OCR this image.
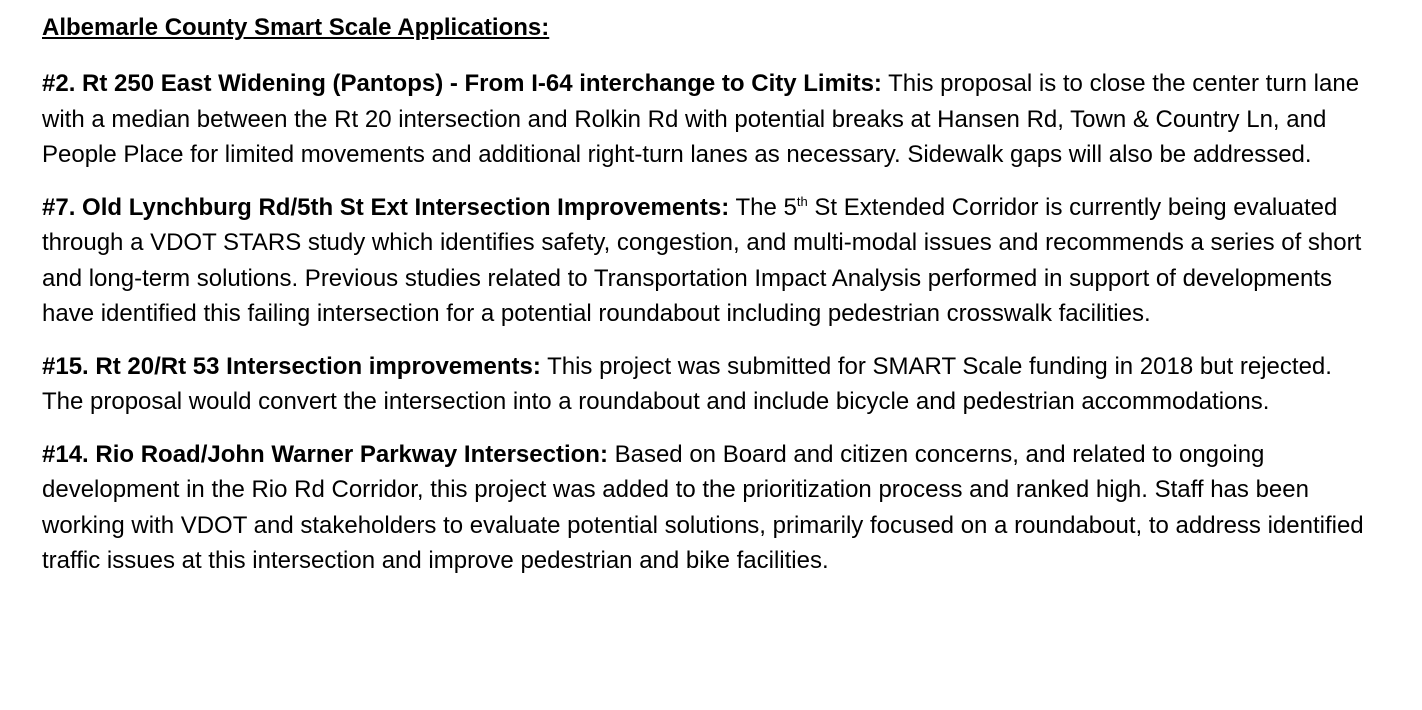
Albemarle County Smart Scale Applications:

#2. Rt 250 East Widening (Pantops) - From I-64 interchange to City Limits: This proposal is to close the center turn lane with a median between the Rt 20 intersection and Rolkin Rd with potential breaks at Hansen Rd, Town & Country Ln, and People Place for limited movements and additional right-turn lanes as necessary. Sidewalk gaps will also be addressed.

#7. Old Lynchburg Rd/5th St Ext Intersection Improvements: The 5th St Extended Corridor is currently being evaluated through a VDOT STARS study which identifies safety, congestion, and multi-modal issues and recommends a series of short and long-term solutions. Previous studies related to Transportation Impact Analysis performed in support of developments have identified this failing intersection for a potential roundabout including pedestrian crosswalk facilities.

#15. Rt 20/Rt 53 Intersection improvements: This project was submitted for SMART Scale funding in 2018 but rejected. The proposal would convert the intersection into a roundabout and include bicycle and pedestrian accommodations.

#14. Rio Road/John Warner Parkway Intersection: Based on Board and citizen concerns, and related to ongoing development in the Rio Rd Corridor, this project was added to the prioritization process and ranked high. Staff has been working with VDOT and stakeholders to evaluate potential solutions, primarily focused on a roundabout, to address identified traffic issues at this intersection and improve pedestrian and bike facilities.
